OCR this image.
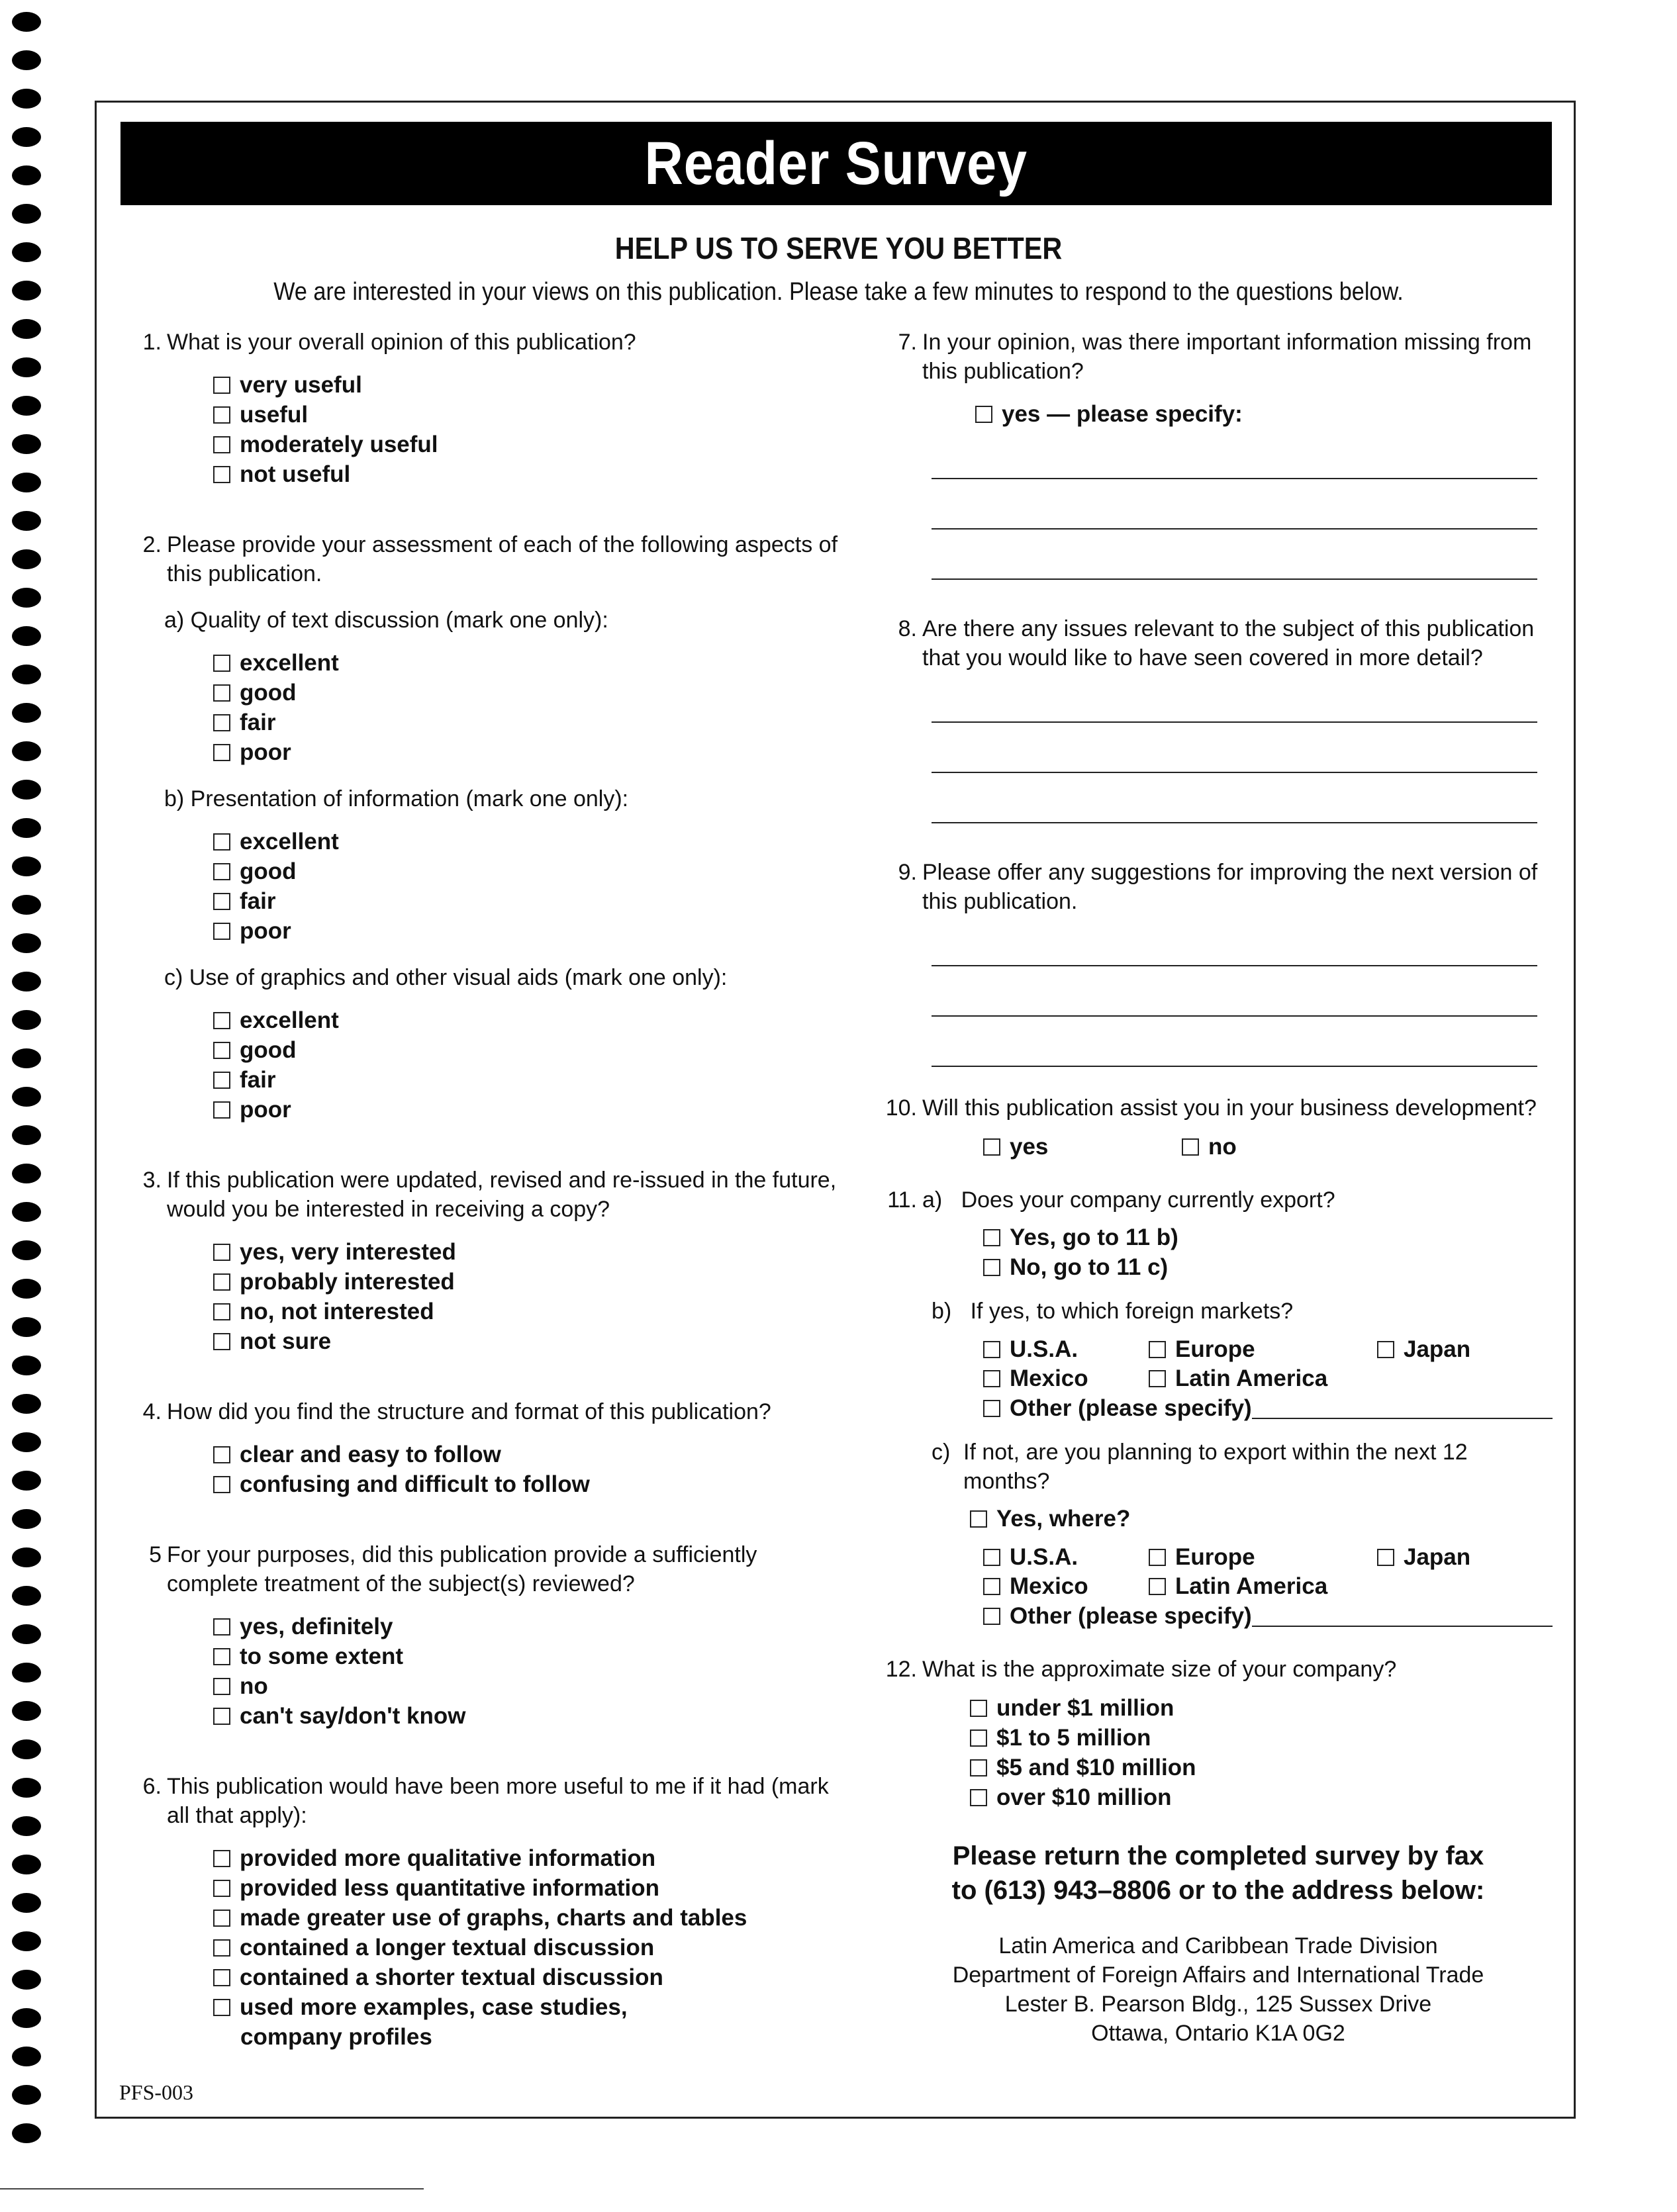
Reader Survey
HELP US TO SERVE YOU BETTER
We are interested in your views on this publication. Please take a few minutes to respond to the questions below.
1. What is your overall opinion of this publication?
very useful
useful
moderately useful
not useful
2. Please provide your assessment of each of the following aspects of this publication.
a) Quality of text discussion (mark one only):
excellent
good
fair
poor
b) Presentation of information (mark one only):
excellent
good
fair
poor
c) Use of graphics and other visual aids (mark one only):
excellent
good
fair
poor
3. If this publication were updated, revised and re-issued in the future, would you be interested in receiving a copy?
yes, very interested
probably interested
no, not interested
not sure
4. How did you find the structure and format of this publication?
clear and easy to follow
confusing and difficult to follow
5 For your purposes, did this publication provide a sufficiently complete treatment of the subject(s) reviewed?
yes, definitely
to some extent
no
can't say/don't know
6. This publication would have been more useful to me if it had (mark all that apply):
provided more qualitative information
provided less quantitative information
made greater use of graphs, charts and tables
contained a longer textual discussion
contained a shorter textual discussion
used more examples, case studies,
company profiles
7. In your opinion, was there important information missing from this publication?
yes — please specify:
8. Are there any issues relevant to the subject of this publication that you would like to have seen covered in more detail?
9. Please offer any suggestions for improving the next version of this publication.
10. Will this publication assist you in your business development?
yes	no
11. a) Does your company currently export?
Yes, go to 11 b)
No, go to 11 c)
b)
If yes, to which foreign markets?
U.S.A.	Europe	Japan
Mexico	Latin America
Other (please specify)
c) If not, are you planning to export within the next 12 months?
Yes, where?
U.S.A.	Europe	Japan
Mexico	Latin America
Other (please specify)
12. What is the approximate size of your company?
under $1 million
$1 to 5 million
$5 and $10 million
over $10 million
Please return the completed survey by fax
to (613) 943–8806 or to the address below:
Latin America and Caribbean Trade Division
Department of Foreign Affairs and International Trade
Lester B. Pearson Bldg., 125 Sussex Drive
Ottawa, Ontario K1A 0G2
PFS-003
